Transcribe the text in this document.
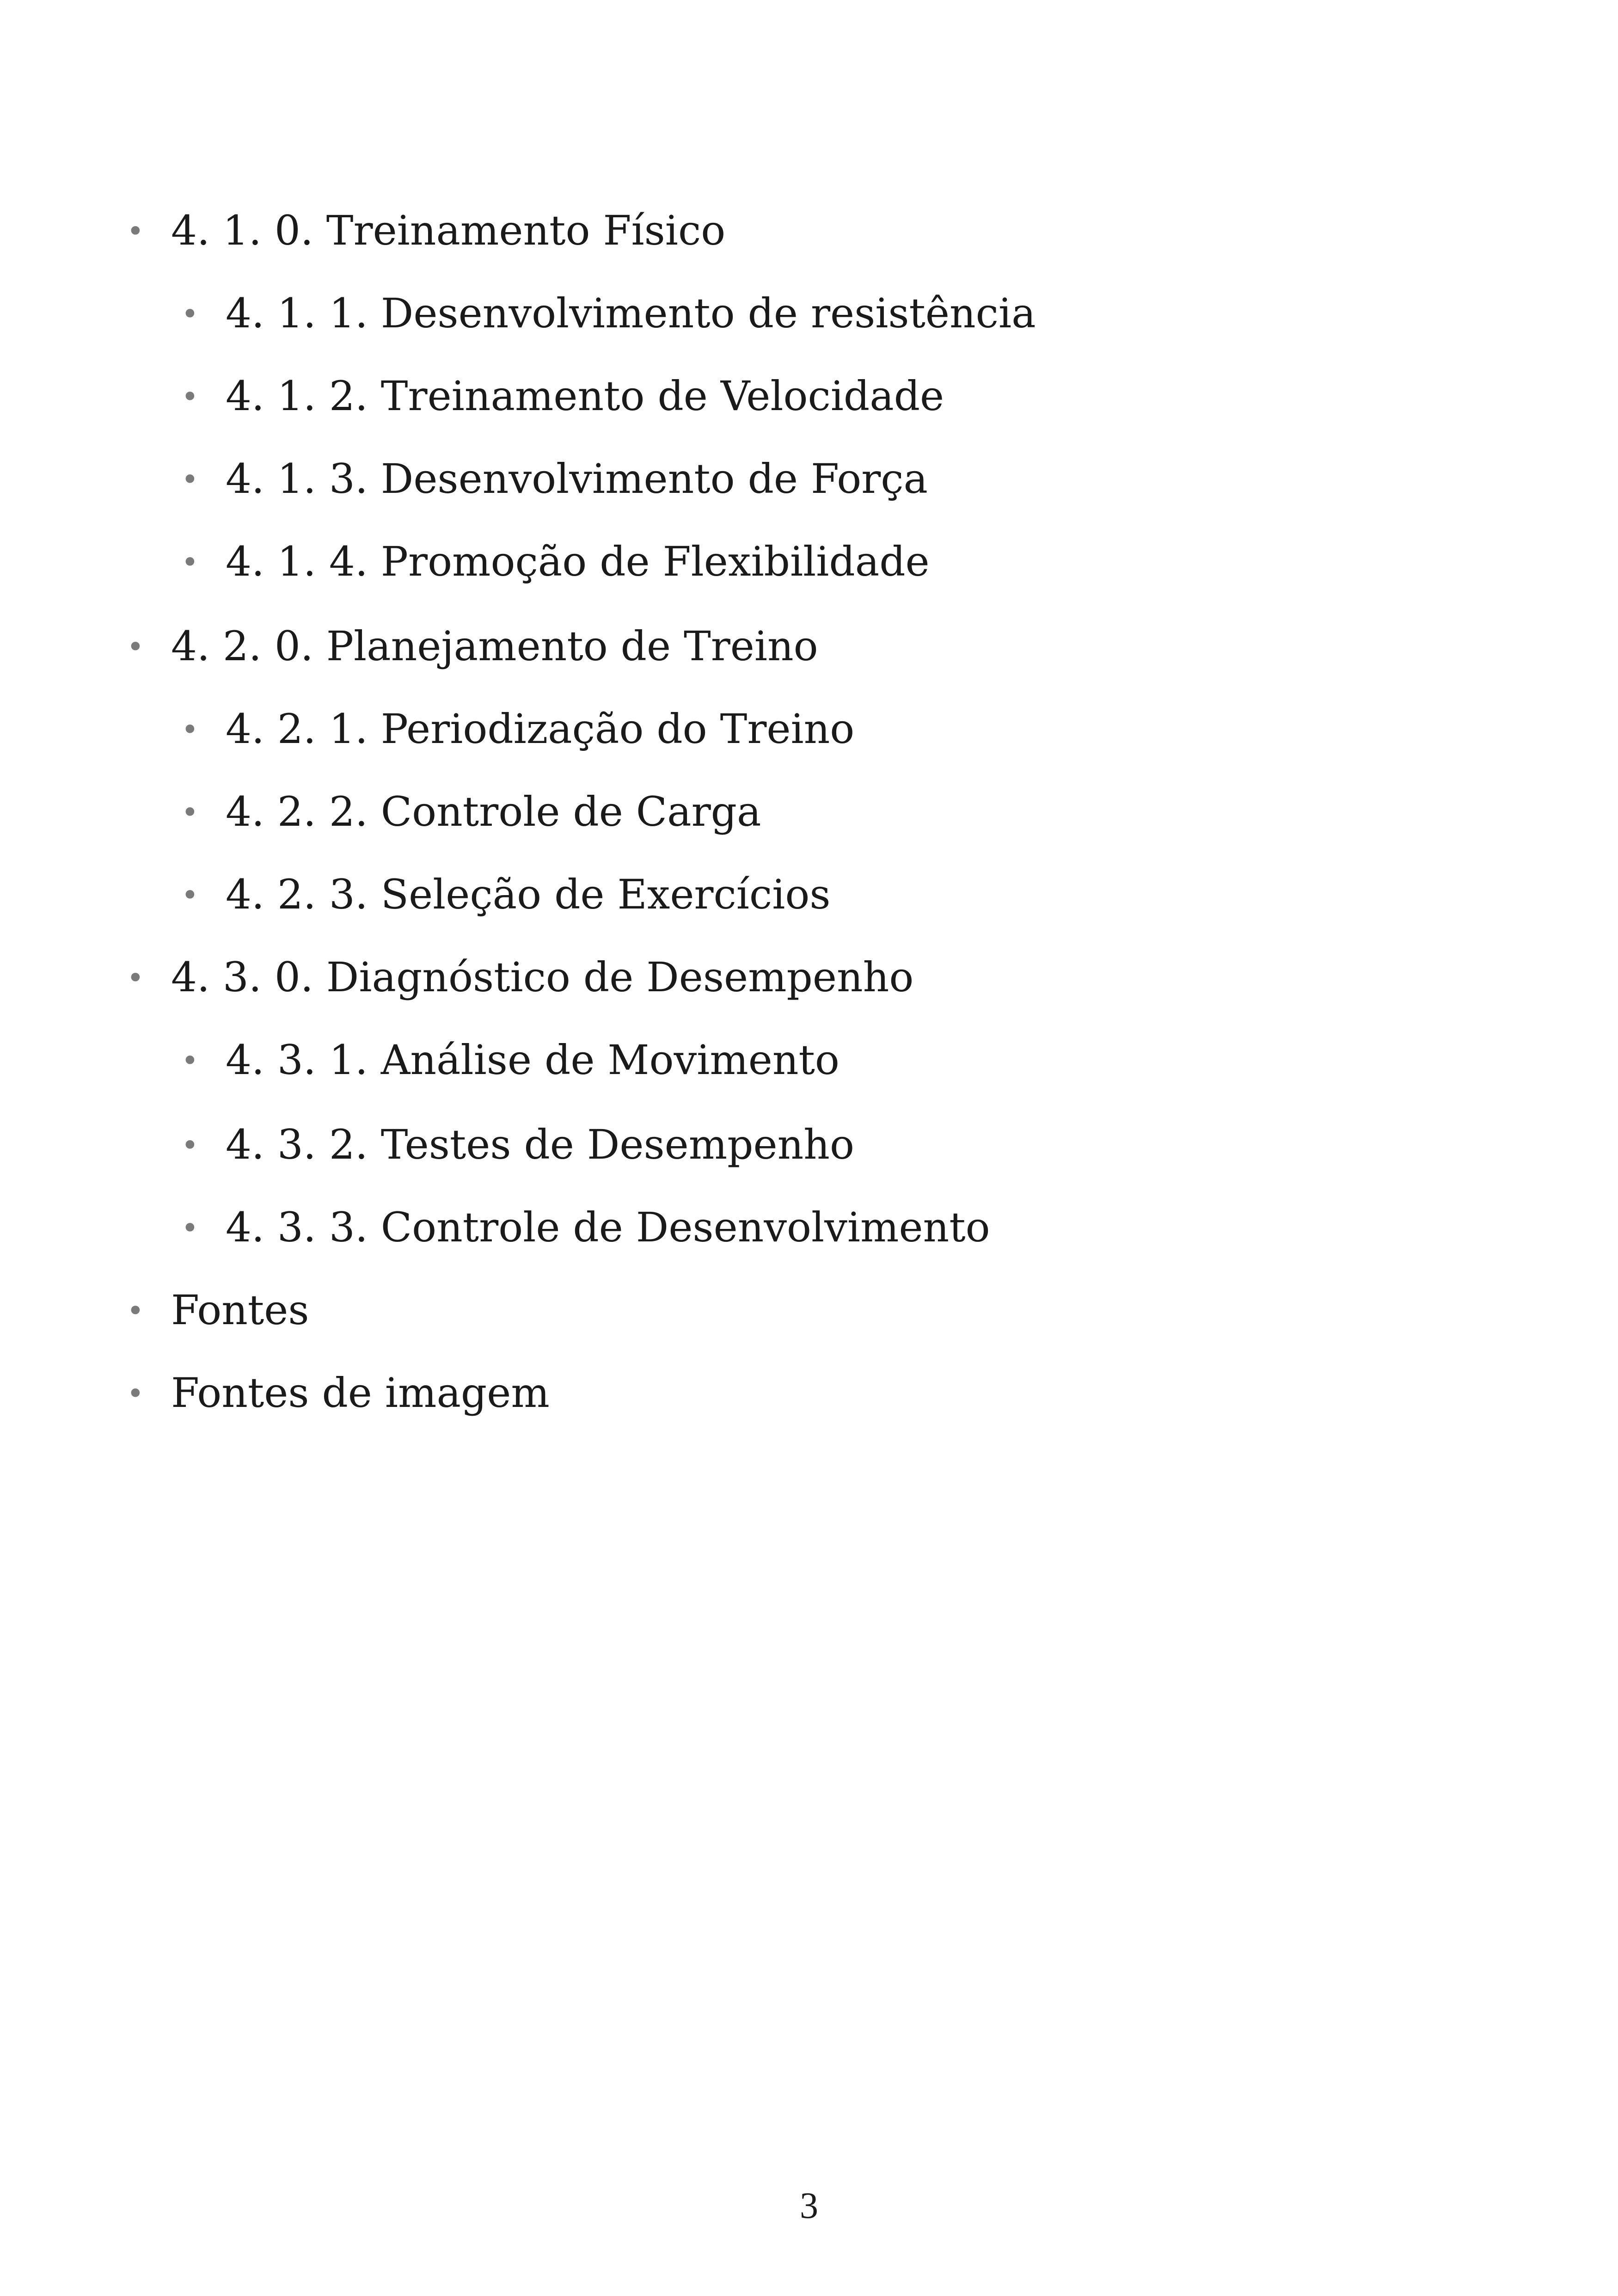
• 4. 1. 0. Treinamento Físico
• 4. 1. 1. Desenvolvimento de resistência
• 4. 1. 2. Treinamento de Velocidade
• 4. 1. 3. Desenvolvimento de Força
• 4. 1. 4. Promoção de Flexibilidade
• 4. 2. 0. Planejamento de Treino
• 4. 2. 1. Periodização do Treino
• 4. 2. 2. Controle de Carga
• 4. 2. 3. Seleção de Exercícios
• 4. 3. 0. Diagnóstico de Desempenho
• 4. 3. 1. Análise de Movimento
• 4. 3. 2. Testes de Desempenho
• 4. 3. 3. Controle de Desenvolvimento
• Fontes
• Fontes de imagem
3
